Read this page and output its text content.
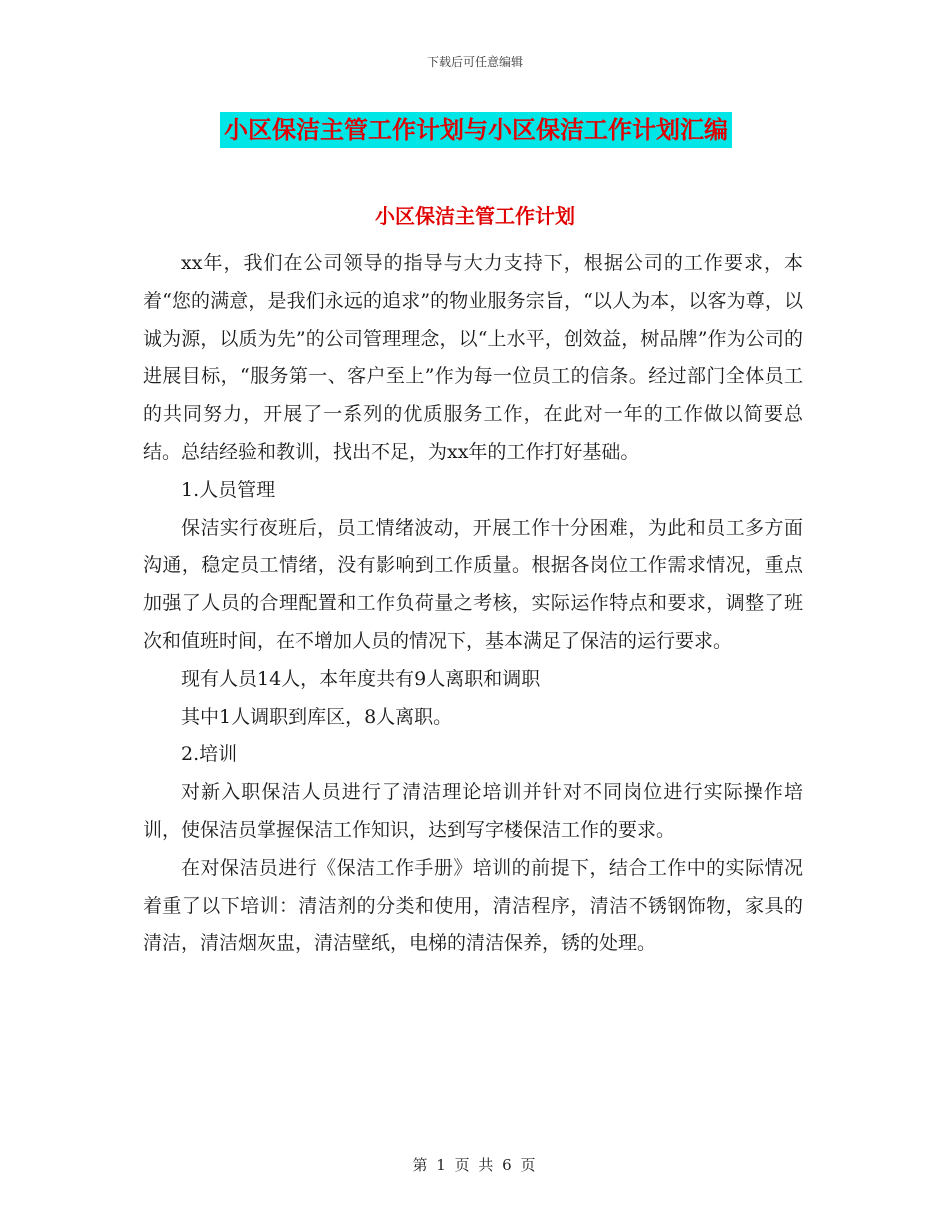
下载后可任意编辑
小区保洁主管工作计划与小区保洁工作计划汇编
小区保洁主管工作计划

xx年，我们在公司领导的指导与大力支持下，根据公司的工作要求，本着“您的满意，是我们永远的追求”的物业服务宗旨，“以人为本，以客为尊，以诚为源，以质为先”的公司管理理念，以“上水平，创效益，树品牌”作为公司的进展目标，“服务第一、客户至上”作为每一位员工的信条。经过部门全体员工的共同努力，开展了一系列的优质服务工作，在此对一年的工作做以简要总结。总结经验和教训，找出不足，为xx年的工作打好基础。

1.人员管理

保洁实行夜班后，员工情绪波动，开展工作十分困难，为此和员工多方面沟通，稳定员工情绪，没有影响到工作质量。根据各岗位工作需求情况，重点加强了人员的合理配置和工作负荷量之考核，实际运作特点和要求，调整了班次和值班时间，在不增加人员的情况下，基本满足了保洁的运行要求。

现有人员14人，本年度共有9人离职和调职

其中1人调职到库区，8人离职。

2.培训

对新入职保洁人员进行了清洁理论培训并针对不同岗位进行实际操作培训，使保洁员掌握保洁工作知识，达到写字楼保洁工作的要求。

在对保洁员进行《保洁工作手册》培训的前提下，结合工作中的实际情况着重了以下培训：清洁剂的分类和使用，清洁程序，清洁不锈钢饰物，家具的清洁，清洁烟灰盅，清洁壁纸，电梯的清洁保养，锈的处理。

第 1 页 共 6 页
